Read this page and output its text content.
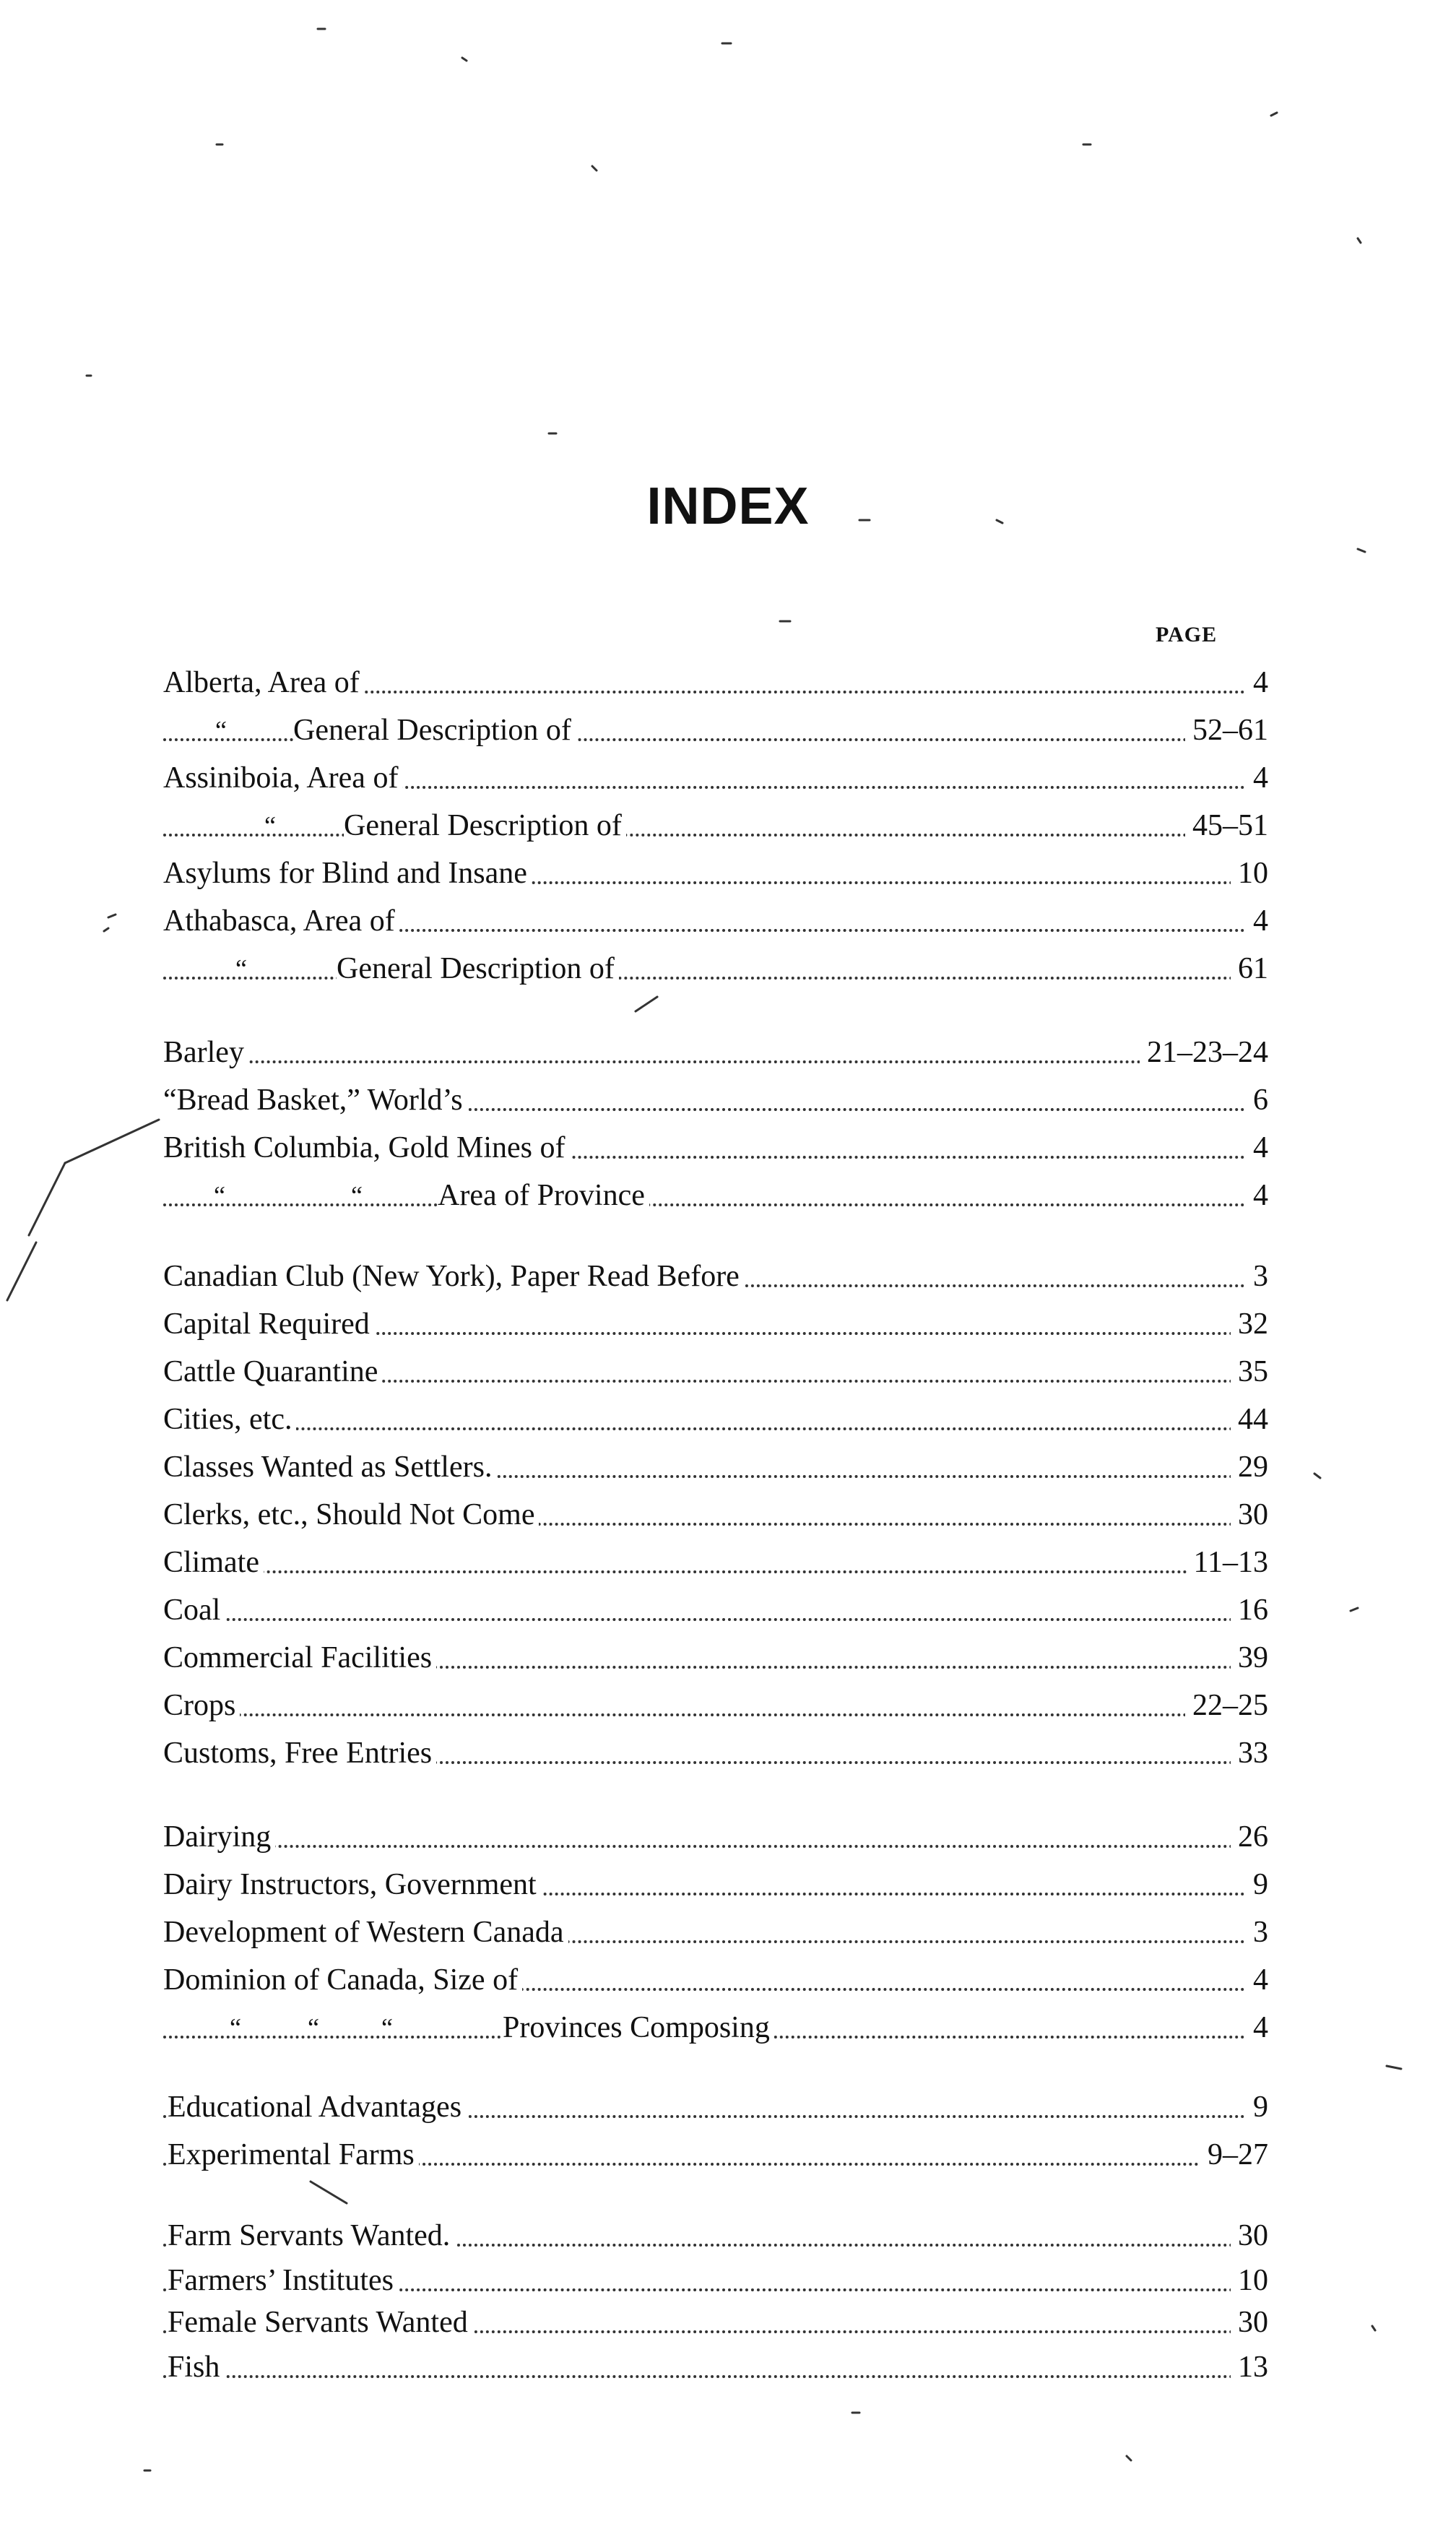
INDEX
PAGE
Alberta, Area of	4
“ General Description of	52–61
Assiniboia, Area of	4
“ General Description of	45–51
Asylums for Blind and Insane	10
Athabasca, Area of	4
“	General Description of	61
Barley	21–23–24
“Bread Basket,” World’s	6
British Columbia, Gold Mines of	4
“	“ Area of Province	4
Canadian Club (New York), Paper Read Before	3
Capital Required	32
Cattle Quarantine	35
Cities, etc.	44
Classes Wanted as Settlers.	29
Clerks, etc., Should Not Come	30
Climate	11–13
Coal	16
Commercial Facilities	39
Crops	22–25
Customs, Free Entries	33
Dairying	26
Dairy Instructors, Government	9
Development of Western Canada	3
Dominion of Canada, Size of	4
“	“ “	Provinces Composing	4
Educational Advantages	9
Experimental Farms	9–27
Farm Servants Wanted.	30
Farmers’ Institutes	10
Female Servants Wanted	30
Fish	13
